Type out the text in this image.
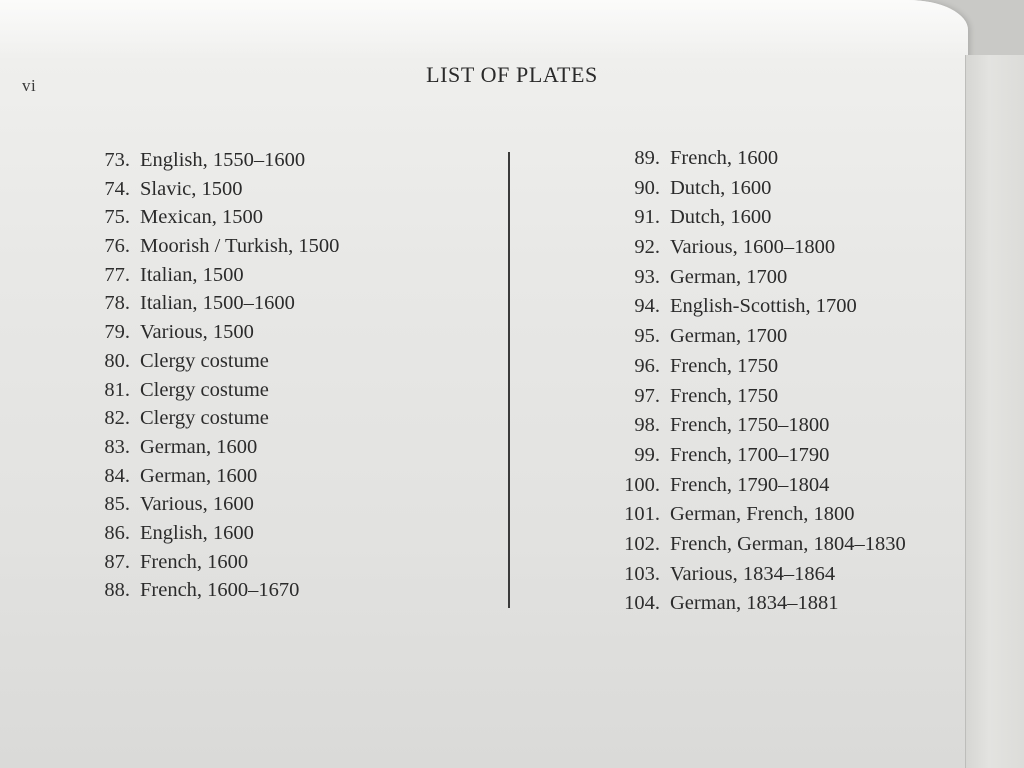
vi	LIST OF PLATES
73. English, 1550–1600
74. Slavic, 1500
75. Mexican, 1500
76. Moorish / Turkish, 1500
77. Italian, 1500
78. Italian, 1500–1600
79. Various, 1500
80. Clergy costume
81. Clergy costume
82. Clergy costume
83. German, 1600
84. German, 1600
85. Various, 1600
86. English, 1600
87. French, 1600
88. French, 1600–1670
89. French, 1600
90. Dutch, 1600
91. Dutch, 1600
92. Various, 1600–1800
93. German, 1700
94. English-Scottish, 1700
95. German, 1700
96. French, 1750
97. French, 1750
98. French, 1750–1800
99. French, 1700–1790
100. French, 1790–1804
101. German, French, 1800
102. French, German, 1804–1830
103. Various, 1834–1864
104. German, 1834–1881
